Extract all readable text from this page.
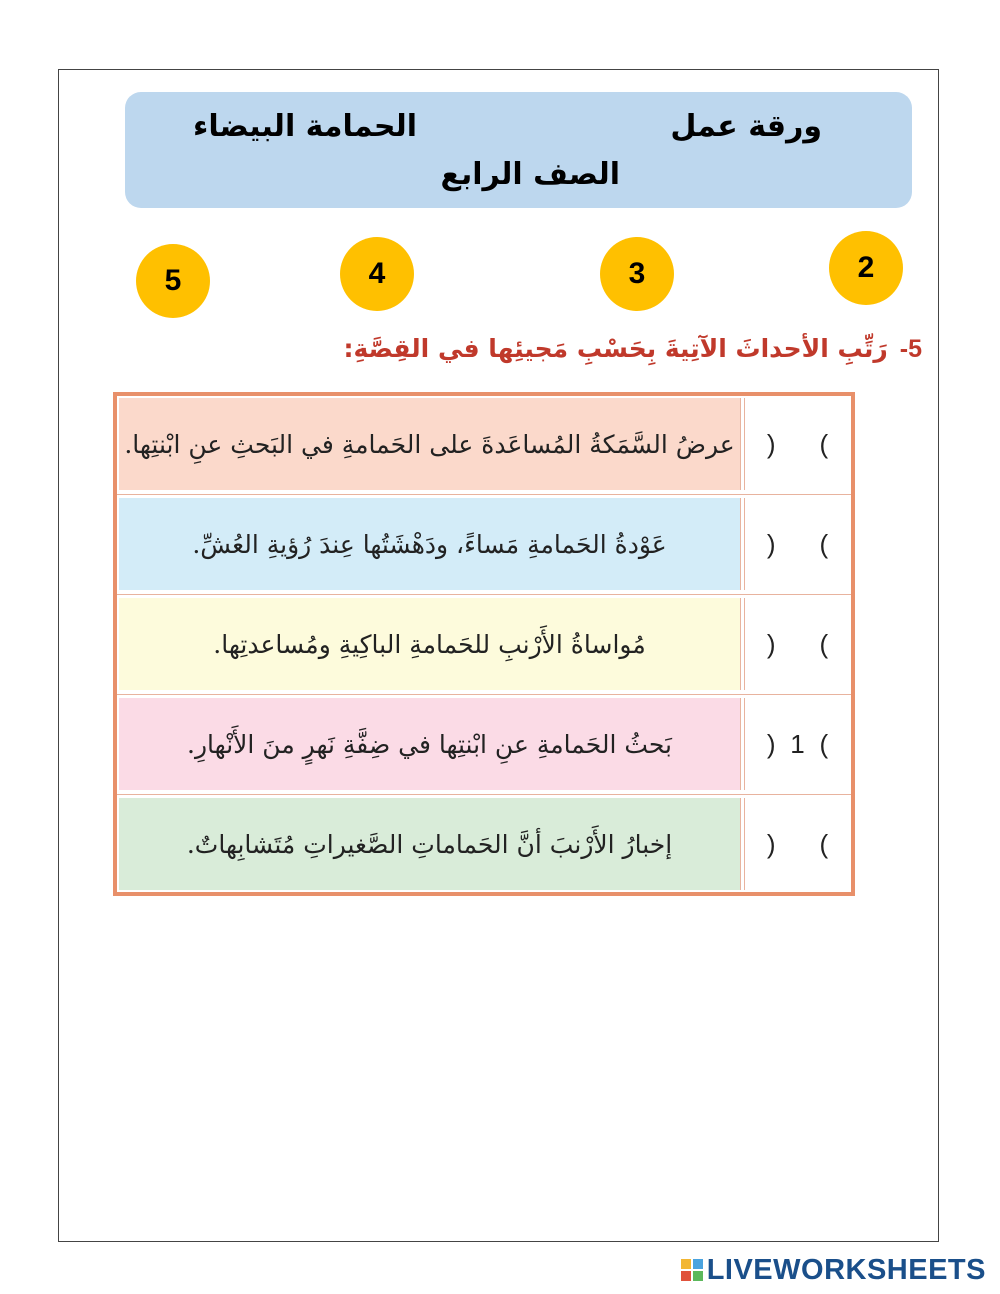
ورقة عمل
الحمامة البيضاء
الصف الرابع
5	4	3	2
5-رَتِّبِ الأحداثَ الآتِيةَ بِحَسْبِ مَجيئِها في القِصَّةِ:
عرضُ السَّمَكةُ المُساعَدةَ على الحَمامةِ في البَحثِ عنِ ابْنتِها. ) (
عَوْدةُ الحَمامةِ مَساءً، ودَهْشَتُها عِندَ رُؤيةِ العُشِّ.	) (
مُواساةُ الأَرْنبِ للحَمامةِ الباكِيةِ ومُساعدتِها.	) (
بَحثُ الحَمامةِ عنِ ابْنتِها في ضِفَّةِ نَهرٍ منَ الأَنْهارِ.	) 1 (
إخبارُ الأَرْنبَ أنَّ الحَماماتِ الصَّغيراتِ مُتَشابِهاتٌ.	) (
LIVEWORKSHEETS
